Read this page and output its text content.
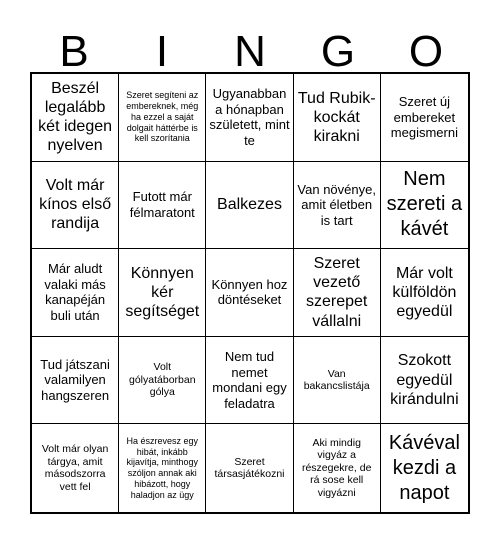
B	I	N	G	O
Beszél legalább két idegen nyelven
Szeret segíteni az embereknek, még ha ezzel a saját dolgait háttérbe is kell szorítania
Ugyanabban a hónapban született, mint te
Tud Rubik-kockát kirakni
Szeret új embereket megismerni
Volt már kínos első randija
Futott már félmaratont	Balkezes
Van növénye, amit életben is tart
Nem szereti a kávét
Már aludt valaki más kanapéján buli után
Könnyen kér segítséget
Könnyen hoz döntéseket
Szeret vezető szerepet vállalni
Már volt külföldön egyedül
Tud játszani valamilyen hangszeren
Volt gólyatáborban gólya
Nem tud nemet mondani egy feladatra
Van bakancslistája
Szokott egyedül kirándulni
Volt már olyan tárgya, amit másodszorra vett fel
Ha észrevesz egy hibát, inkább kijavítja, minthogy szóljon annak aki hibázott, hogy haladjon az ügy
Szeret társasjátékozni
Aki mindig vigyáz a részegekre, de rá sose kell vigyázni
Kávéval kezdi a napot
